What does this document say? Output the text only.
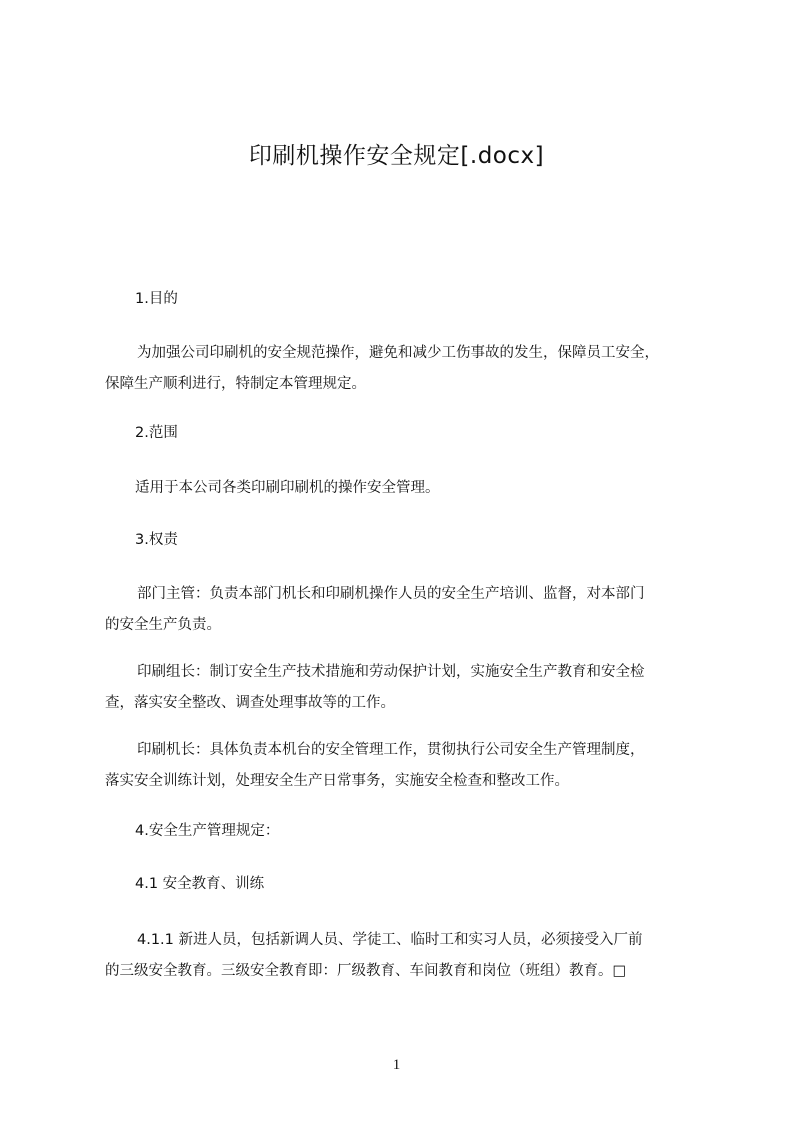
印刷机操作安全规定[.docx]
1.目的
为加强公司印刷机的安全规范操作，避免和减少工伤事故的发生，保障员工安全，
保障生产顺利进行，特制定本管理规定。
2.范围
适用于本公司各类印刷印刷机的操作安全管理。
3.权责
部门主管：负责本部门机长和印刷机操作人员的安全生产培训、监督，对本部门
的安全生产负责。
印刷组长：制订安全生产技术措施和劳动保护计划，实施安全生产教育和安全检
查，落实安全整改、调查处理事故等的工作。
印刷机长：具体负责本机台的安全管理工作，贯彻执行公司安全生产管理制度，
落实安全训练计划，处理安全生产日常事务，实施安全检查和整改工作。
4.安全生产管理规定：
4.1 安全教育、训练
4.1.1 新进人员，包括新调人员、学徒工、临时工和实习人员，必须接受入厂前
的三级安全教育。三级安全教育即：厂级教育、车间教育和岗位（班组）教育。□
1
